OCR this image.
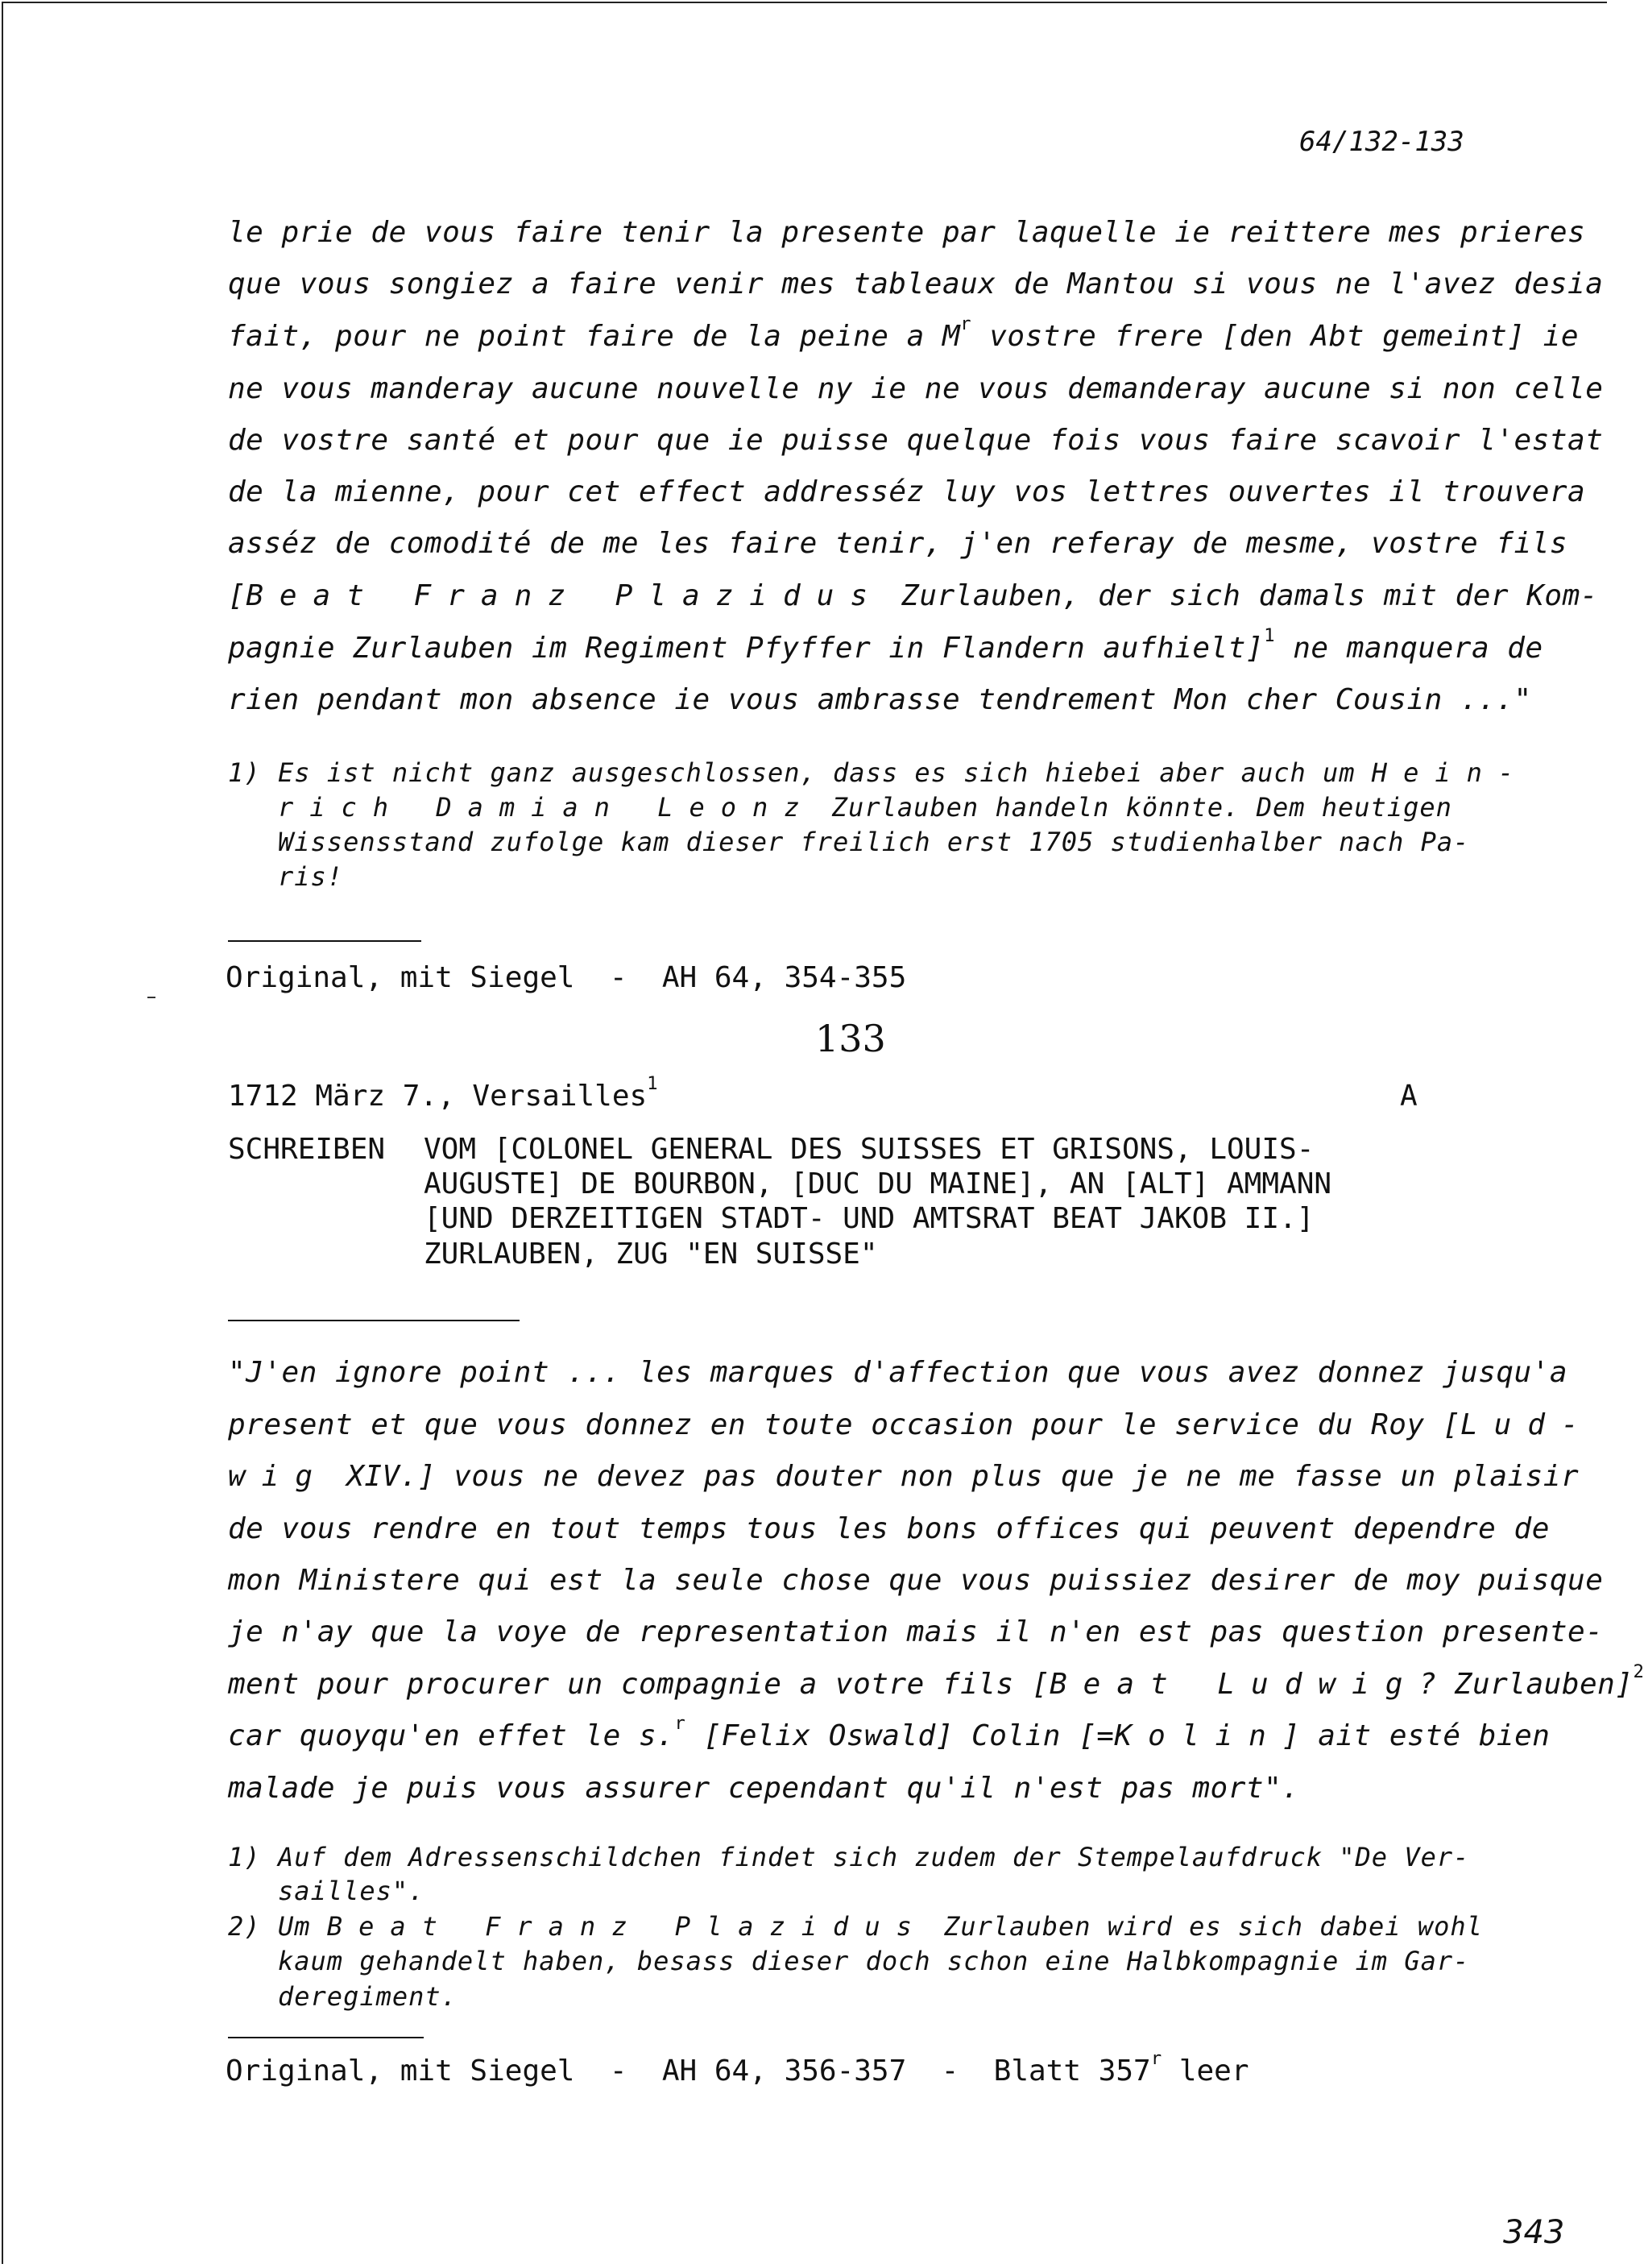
64/132-133
le prie de vous faire tenir la presente par laquelle ie reittere mes prieres
que vous songiez a faire venir mes tableaux de Mantou si vous ne l'avez desia
fait, pour ne point faire de la peine a $M^r$ vostre frere [den Abt gemeint] ie
ne vous manderay aucune nouvelle ny ie ne vous demanderay aucune si non celle
de vostre santé et pour que ie puisse quelque fois vous faire scavoir l'estat
de la mienne, pour cet effect addresséz luy vos lettres ouvertes il trouvera
asséz de comodité de me les faire tenir, j'en referay de mesme, vostre fils
[Beat Franz Plazidus Zurlauben, der sich damals mit der Kom-
pagnie Zurlauben im Regiment Pfyffer in Flandern aufhielt]$^1$ ne manquera de
rien pendant mon absence ie vous ambrasse tendrement Mon cher Cousin ..."
1) Es ist nicht ganz ausgeschlossen, dass es sich hiebei aber auch um Hein-
rich Damian Leonz Zurlauben handeln könnte. Dem heutigen
Wissensstand zufolge kam dieser freilich erst 1705 studienhalber nach Pa-
ris!
Original, mit Siegel  -  AH 64, 354-355
133
1712 März 7., Versailles$^1$	A
SCHREIBEN VOM [COLONEL GENERAL DES SUISSES ET GRISONS, LOUIS-
AUGUSTE] DE BOURBON, [DUC DU MAINE], AN [ALT] AMMANN
[UND DERZEITIGEN STADT- UND AMTSRAT BEAT JAKOB II.]
ZURLAUBEN, ZUG "EN SUISSE"
"J'en ignore point ... les marques d'affection que vous avez donnez jusqu'a
present et que vous donnez en toute occasion pour le service du Roy [Lud-
wig XIV.] vous ne devez pas douter non plus que je ne me fasse un plaisir
de vous rendre en tout temps tous les bons offices qui peuvent dependre de
mon Ministere qui est la seule chose que vous puissiez desirer de moy puisque
je n'ay que la voye de representation mais il n'en est pas question presente-
ment pour procurer un compagnie a votre fils [Beat Ludwig? Zurlauben]$^2$
car quoyqu'en effet le s.$^r$ [Felix Oswald] Colin [=Kolin] ait esté bien
malade je puis vous assurer cependant qu'il n'est pas mort".
1) Auf dem Adressenschildchen findet sich zudem der Stempelaufdruck "De Ver-
sailles".
2) Um Beat Franz Plazidus Zurlauben wird es sich dabei wohl
kaum gehandelt haben, besass dieser doch schon eine Halbkompagnie im Gar-
deregiment.
Original, mit Siegel  -  AH 64, 356-357  -  Blatt 357$^r$ leer
343
